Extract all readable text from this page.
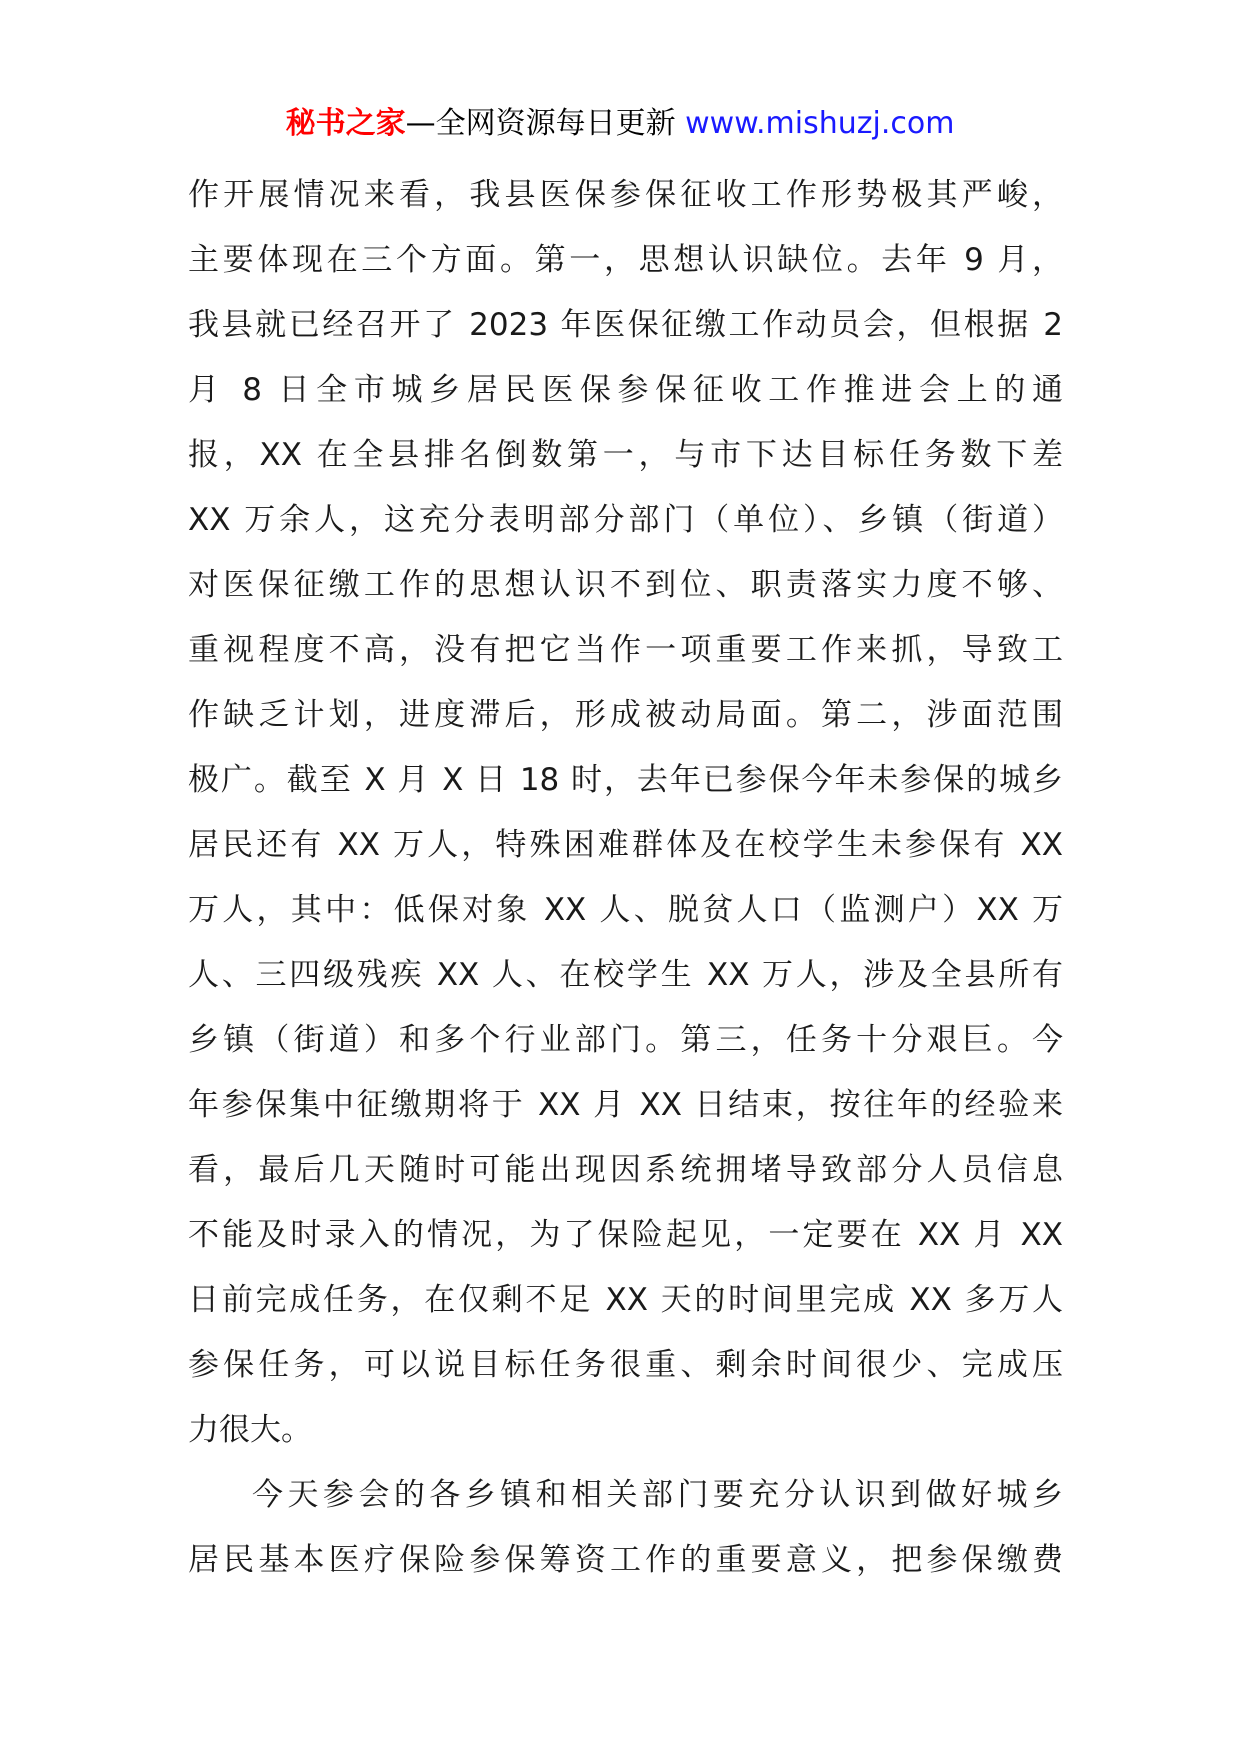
秘书之家—全网资源每日更新 www.mishuzj.com
作开展情况来看，我县医保参保征收工作形势极其严峻，
主要体现在三个方面。第一，思想认识缺位。去年 9 月，
我县就已经召开了 2023 年医保征缴工作动员会，但根据 2
月 8 日全市城乡居民医保参保征收工作推进会上的通
报，XX 在全县排名倒数第一，与市下达目标任务数下差
XX 万余人，这充分表明部分部门（单位）、乡镇（街道）
对医保征缴工作的思想认识不到位、职责落实力度不够、
重视程度不高，没有把它当作一项重要工作来抓，导致工
作缺乏计划，进度滞后，形成被动局面。第二，涉面范围
极广。截至 X 月 X 日 18 时，去年已参保今年未参保的城乡
居民还有 XX 万人，特殊困难群体及在校学生未参保有 XX
万人，其中：低保对象 XX 人、脱贫人口（监测户）XX 万
人、三四级残疾 XX 人、在校学生 XX 万人，涉及全县所有
乡镇（街道）和多个行业部门。第三，任务十分艰巨。今
年参保集中征缴期将于 XX 月 XX 日结束，按往年的经验来
看，最后几天随时可能出现因系统拥堵导致部分人员信息
不能及时录入的情况，为了保险起见，一定要在 XX 月 XX
日前完成任务，在仅剩不足 XX 天的时间里完成 XX 多万人
参保任务，可以说目标任务很重、剩余时间很少、完成压
力很大。
今天参会的各乡镇和相关部门要充分认识到做好城乡
居民基本医疗保险参保筹资工作的重要意义，把参保缴费
